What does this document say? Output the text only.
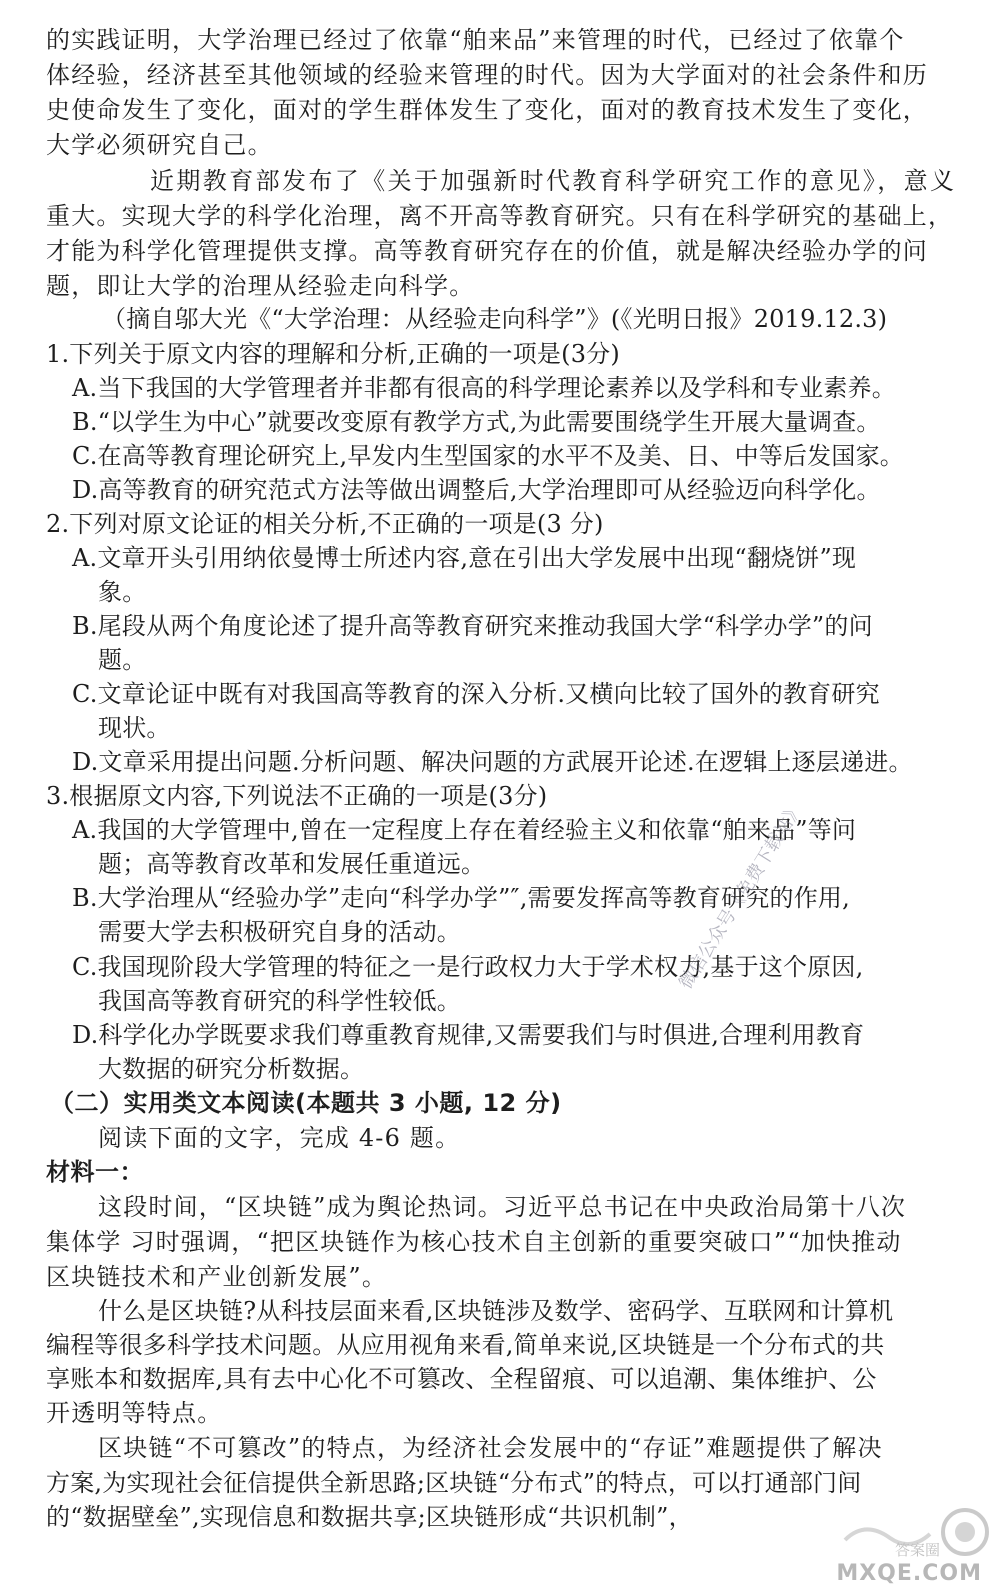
的实践证明，大学治理已经过了依靠“舶来品”来管理的时代，已经过了依靠个
体经验，经济甚至其他领域的经验来管理的时代。因为大学面对的社会条件和历
史使命发生了变化，面对的学生群体发生了变化，面对的教育技术发生了变化，
大学必须研究自己。
近期教育部发布了《关于加强新时代教育科学研究工作的意见》，意义
重大。实现大学的科学化治理，离不开高等教育研究。只有在科学研究的基础上，
才能为科学化管理提供支撑。高等教育研究存在的价值，就是解决经验办学的问
题，即让大学的治理从经验走向科学。
（摘自邬大光《“大学治理：从经验走向科学”》(《光明日报》2019.12.3)
1.下列关于原文内容的理解和分析,正确的一项是(3分)
A.当下我国的大学管理者并非都有很高的科学理论素养以及学科和专业素养。
B.“以学生为中心”就要改变原有教学方式,为此需要围绕学生开展大量调查。
C.在高等教育理论研究上,早发内生型国家的水平不及美、日、中等后发国家。
D.高等教育的研究范式方法等做出调整后,大学治理即可从经验迈向科学化。
2.下列对原文论证的相关分析,不正确的一项是(3 分)
A.文章开头引用纳依曼博士所述内容,意在引出大学发展中出现“翻烧饼”现
象。
B.尾段从两个角度论述了提升高等教育研究来推动我国大学“科学办学”的问
题。
C.文章论证中既有对我国高等教育的深入分析.又横向比较了国外的教育研究
现状。
D.文章采用提出问题.分析问题、解决问题的方武展开论述.在逻辑上逐层递进。
3.根据原文内容,下列说法不正确的一项是(3分)
A.我国的大学管理中,曾在一定程度上存在着经验主义和依靠“舶来品”等问
题；高等教育改革和发展任重道远。
B.大学治理从“经验办学”走向“科学办学”″,需要发挥高等教育研究的作用,
需要大学去积极研究自身的活动。
C.我国现阶段大学管理的特征之一是行政权力大于学术权力,基于这个原因,
我国高等教育研究的科学性较低。
D.科学化办学既要求我们尊重教育规律,又需要我们与时俱进,合理利用教育
大数据的研究分析数据。
（二）实用类文本阅读(本题共 3 小题, 12 分)
阅读下面的文字，完成 4-6 题。
材料一：
这段时间，“区块链”成为舆论热词。习近平总书记在中央政治局第十八次
集体学 习时强调，“把区块链作为核心技术自主创新的重要突破口”“加快推动
区块链技术和产业创新发展”。
什么是区块链?从科技层面来看,区块链涉及数学、密码学、互联网和计算机
编程等很多科学技术问题。从应用视角来看,简单来说,区块链是一个分布式的共
享账本和数据库,具有去中心化不可篡改、全程留痕、可以追潮、集体维护、公
开透明等特点。
区块链“不可篡改”的特点，为经济社会发展中的“存证”难题提供了解决
方案,为实现社会征信提供全新思路;区块链“分布式”的特点，可以打通部门间
的“数据壁垒”,实现信息和数据共享;区块链形成“共识机制”，
微信公众号《免费下载站》
答案圈
MXQE.COM
